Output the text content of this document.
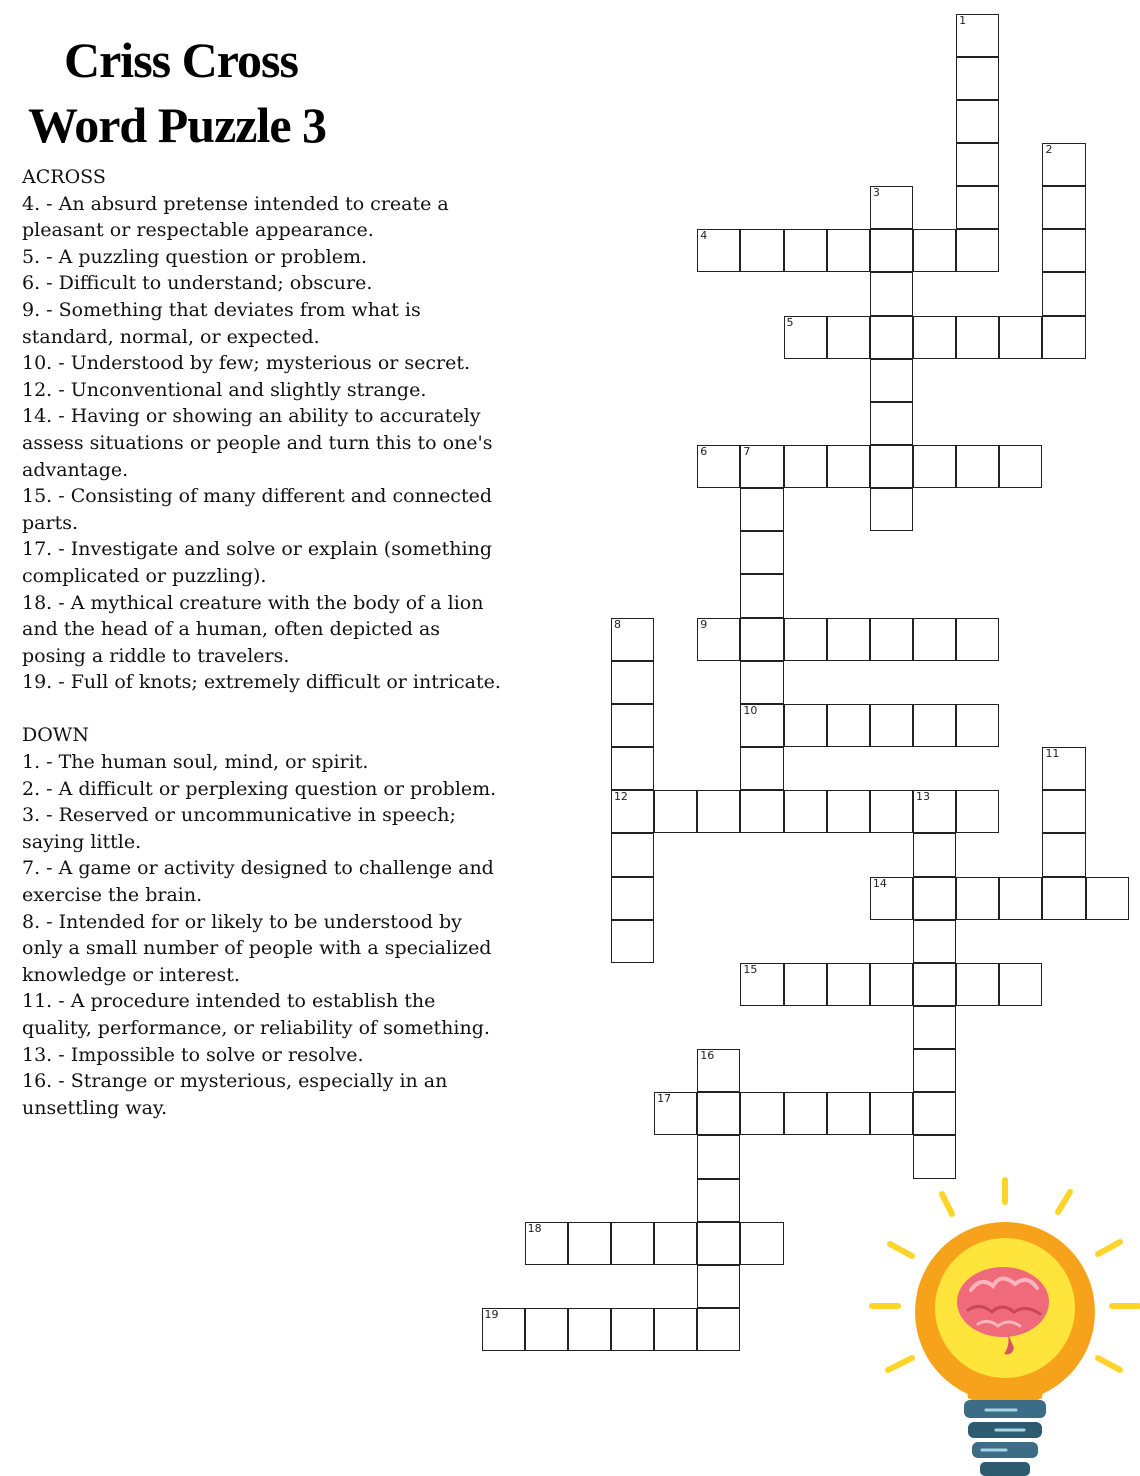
Criss Cross
Word Puzzle 3
ACROSS
4. - An absurd pretense intended to create a pleasant or respectable appearance.
5. - A puzzling question or problem.
6. - Difficult to understand; obscure.
9. - Something that deviates from what is standard, normal, or expected.
10. - Understood by few; mysterious or secret.
12. - Unconventional and slightly strange.
14. - Having or showing an ability to accurately assess situations or people and turn this to one's advantage.
15. - Consisting of many different and connected parts.
17. - Investigate and solve or explain (something complicated or puzzling).
18. - A mythical creature with the body of a lion and the head of a human, often depicted as posing a riddle to travelers.
19. - Full of knots; extremely difficult or intricate.
DOWN
1. - The human soul, mind, or spirit.
2. - A difficult or perplexing question or problem.
3. - Reserved or uncommunicative in speech; saying little.
7. - A game or activity designed to challenge and exercise the brain.
8. - Intended for or likely to be understood by only a small number of people with a specialized knowledge or interest.
11. - A procedure intended to establish the quality, performance, or reliability of something.
13. - Impossible to solve or resolve.
16. - Strange or mysterious, especially in an unsettling way.
1
2
3
4
5
6	7
10
8
12
9
11
13
14
15
16
17
18
19
